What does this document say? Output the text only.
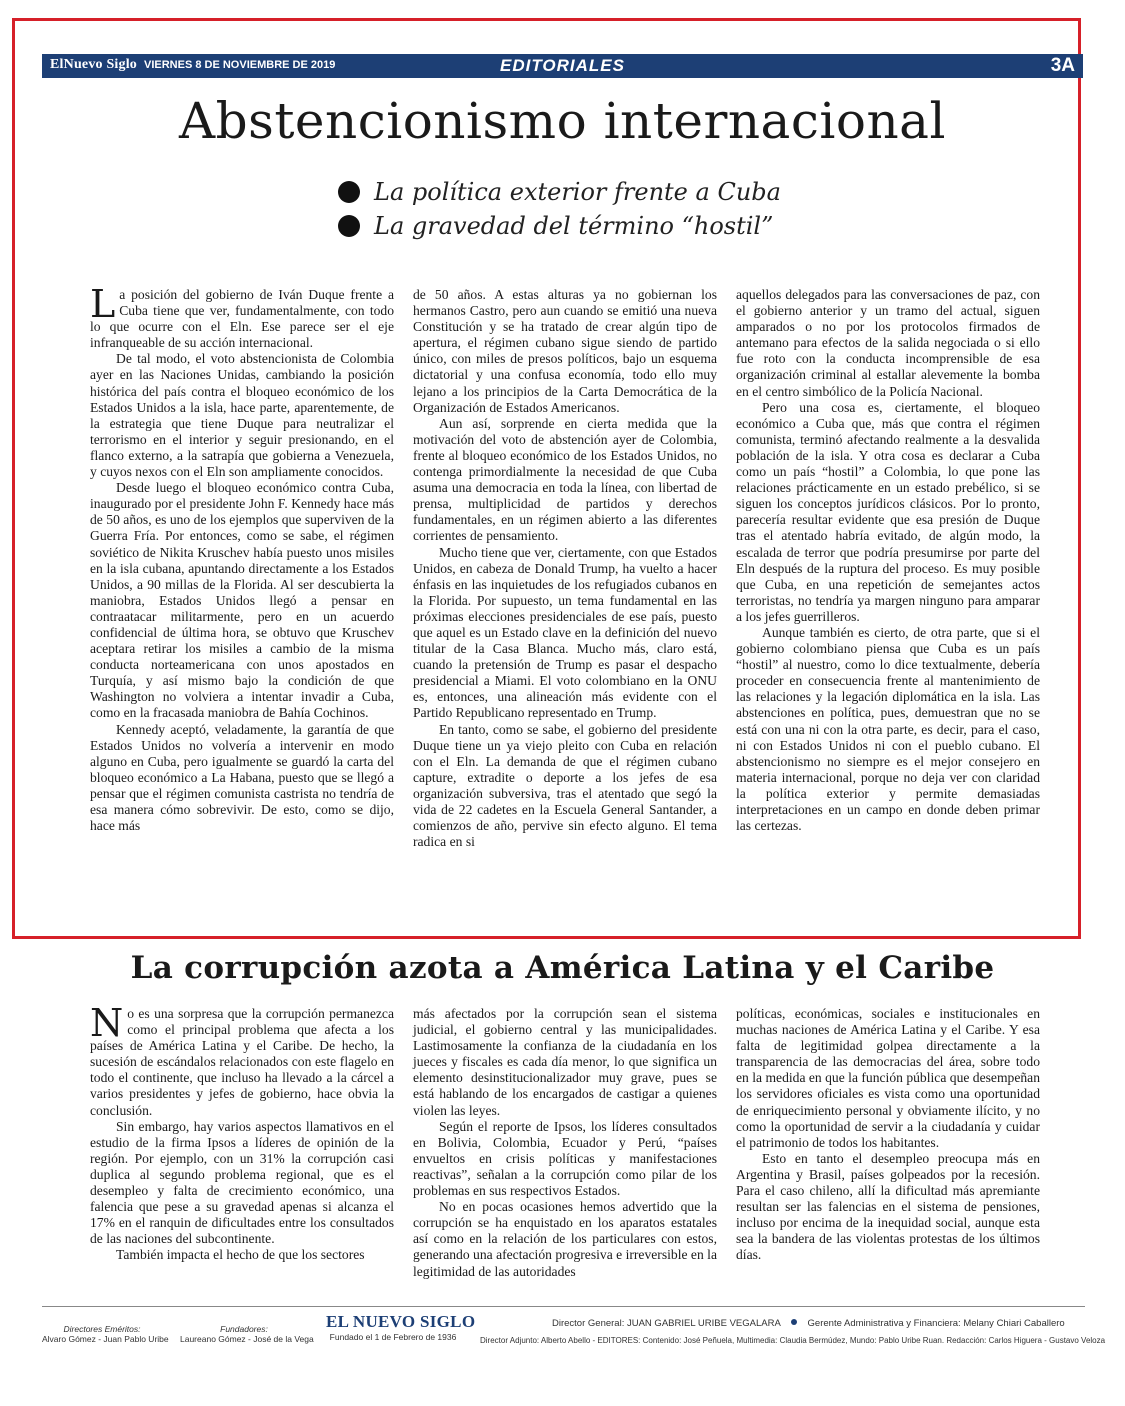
ElNuevo Siglo VIERNES 8 DE NOVIEMBRE DE 2019	EDITORIALES	3A
Abstencionismo internacional
La política exterior frente a Cuba
La gravedad del término “hostil”

La posición del gobierno de Iván Duque frente a Cuba tiene que ver, fundamentalmente, con todo lo que ocurre con el Eln. Ese parece ser el eje infranqueable de su acción internacional.

De tal modo, el voto abstencionista de Colombia ayer en las Naciones Unidas, cambiando la posición histórica del país contra el bloqueo económico de los Estados Unidos a la isla, hace parte, aparentemente, de la estrategia que tiene Duque para neutralizar el terrorismo en el interior y seguir presionando, en el flanco externo, a la satrapía que gobierna a Venezuela, y cuyos nexos con el Eln son ampliamente conocidos.

Desde luego el bloqueo económico contra Cuba, inaugurado por el presidente John F. Kennedy hace más de 50 años, es uno de los ejemplos que superviven de la Guerra Fría. Por entonces, como se sabe, el régimen soviético de Nikita Kruschev había puesto unos misiles en la isla cubana, apuntando directamente a los Estados Unidos, a 90 millas de la Florida. Al ser descubierta la maniobra, Estados Unidos llegó a pensar en contraatacar militarmente, pero en un acuerdo confidencial de última hora, se obtuvo que Kruschev aceptara retirar los misiles a cambio de la misma conducta norteamericana con unos apostados en Turquía, y así mismo bajo la condición de que Washington no volviera a intentar invadir a Cuba, como en la fracasada maniobra de Bahía Cochinos.

Kennedy aceptó, veladamente, la garantía de que Estados Unidos no volvería a intervenir en modo alguno en Cuba, pero igualmente se guardó la carta del bloqueo económico a La Habana, puesto que se llegó a pensar que el régimen comunista castrista no tendría de esa manera cómo sobrevivir. De esto, como se dijo, hace más

de 50 años. A estas alturas ya no gobiernan los hermanos Castro, pero aun cuando se emitió una nueva Constitución y se ha tratado de crear algún tipo de apertura, el régimen cubano sigue siendo de partido único, con miles de presos políticos, bajo un esquema dictatorial y una confusa economía, todo ello muy lejano a los principios de la Carta Democrática de la Organización de Estados Americanos.

Aun así, sorprende en cierta medida que la motivación del voto de abstención ayer de Colombia, frente al bloqueo económico de los Estados Unidos, no contenga primordialmente la necesidad de que Cuba asuma una democracia en toda la línea, con libertad de prensa, multiplicidad de partidos y derechos fundamentales, en un régimen abierto a las diferentes corrientes de pensamiento.

Mucho tiene que ver, ciertamente, con que Estados Unidos, en cabeza de Donald Trump, ha vuelto a hacer énfasis en las inquietudes de los refugiados cubanos en la Florida. Por supuesto, un tema fundamental en las próximas elecciones presidenciales de ese país, puesto que aquel es un Estado clave en la definición del nuevo titular de la Casa Blanca. Mucho más, claro está, cuando la pretensión de Trump es pasar el despacho presidencial a Miami. El voto colombiano en la ONU es, entonces, una alineación más evidente con el Partido Republicano representado en Trump.

En tanto, como se sabe, el gobierno del presidente Duque tiene un ya viejo pleito con Cuba en relación con el Eln. La demanda de que el régimen cubano capture, extradite o deporte a los jefes de esa organización subversiva, tras el atentado que segó la vida de 22 cadetes en la Escuela General Santander, a comienzos de año, pervive sin efecto alguno. El tema radica en si

aquellos delegados para las conversaciones de paz, con el gobierno anterior y un tramo del actual, siguen amparados o no por los protocolos firmados de antemano para efectos de la salida negociada o si ello fue roto con la conducta incomprensible de esa organización criminal al estallar alevemente la bomba en el centro simbólico de la Policía Nacional.

Pero una cosa es, ciertamente, el bloqueo económico a Cuba que, más que contra el régimen comunista, terminó afectando realmente a la desvalida población de la isla. Y otra cosa es declarar a Cuba como un país “hostil” a Colombia, lo que pone las relaciones prácticamente en un estado prebélico, si se siguen los conceptos jurídicos clásicos. Por lo pronto, parecería resultar evidente que esa presión de Duque tras el atentado habría evitado, de algún modo, la escalada de terror que podría presumirse por parte del Eln después de la ruptura del proceso. Es muy posible que Cuba, en una repetición de semejantes actos terroristas, no tendría ya margen ninguno para amparar a los jefes guerrilleros.

Aunque también es cierto, de otra parte, que si el gobierno colombiano piensa que Cuba es un país “hostil” al nuestro, como lo dice textualmente, debería proceder en consecuencia frente al mantenimiento de las relaciones y la legación diplomática en la isla. Las abstenciones en política, pues, demuestran que no se está con una ni con la otra parte, es decir, para el caso, ni con Estados Unidos ni con el pueblo cubano. El abstencionismo no siempre es el mejor consejero en materia internacional, porque no deja ver con claridad la política exterior y permite demasiadas interpretaciones en un campo en donde deben primar las certezas.

La corrupción azota a América Latina y el Caribe

No es una sorpresa que la corrupción permanezca como el principal problema que afecta a los países de América Latina y el Caribe. De hecho, la sucesión de escándalos relacionados con este flagelo en todo el continente, que incluso ha llevado a la cárcel a varios presidentes y jefes de gobierno, hace obvia la conclusión.

Sin embargo, hay varios aspectos llamativos en el estudio de la firma Ipsos a líderes de opinión de la región. Por ejemplo, con un 31% la corrupción casi duplica al segundo problema regional, que es el desempleo y falta de crecimiento económico, una falencia que pese a su gravedad apenas si alcanza el 17% en el ranquin de dificultades entre los consultados de las naciones del subcontinente.

También impacta el hecho de que los sectores

más afectados por la corrupción sean el sistema judicial, el gobierno central y las municipalidades. Lastimosamente la confianza de la ciudadanía en los jueces y fiscales es cada día menor, lo que significa un elemento desinstitucionalizador muy grave, pues se está hablando de los encargados de castigar a quienes violen las leyes.

Según el reporte de Ipsos, los líderes consultados en Bolivia, Colombia, Ecuador y Perú, “países envueltos en crisis políticas y manifestaciones reactivas”, señalan a la corrupción como pilar de los problemas en sus respectivos Estados.

No en pocas ocasiones hemos advertido que la corrupción se ha enquistado en los aparatos estatales así como en la relación de los particulares con estos, generando una afectación progresiva e irreversible en la legitimidad de las autoridades

políticas, económicas, sociales e institucionales en muchas naciones de América Latina y el Caribe. Y esa falta de legitimidad golpea directamente a la transparencia de las democracias del área, sobre todo en la medida en que la función pública que desempeñan los servidores oficiales es vista como una oportunidad de enriquecimiento personal y obviamente ilícito, y no como la oportunidad de servir a la ciudadanía y cuidar el patrimonio de todos los habitantes.

Esto en tanto el desempleo preocupa más en Argentina y Brasil, países golpeados por la recesión. Para el caso chileno, allí la dificultad más apremiante resultan ser las falencias en el sistema de pensiones, incluso por encima de la inequidad social, aunque esta sea la bandera de las violentas protestas de los últimos días.

Directores Eméritos:
Alvaro Gómez - Juan Pablo Uribe
Fundadores:
Laureano Gómez - José de la Vega
EL NUEVO SIGLO
Fundado el 1 de Febrero de 1936
Director General: JUAN GABRIEL URIBE VEGALARA	Gerente Administrativa y Financiera: Melany Chiari Caballero
Director Adjunto: Alberto Abello - EDITORES: Contenido: José Peñuela, Multimedia: Claudia Bermúdez, Mundo: Pablo Uribe Ruan. Redacción: Carlos Higuera - Gustavo Veloza
